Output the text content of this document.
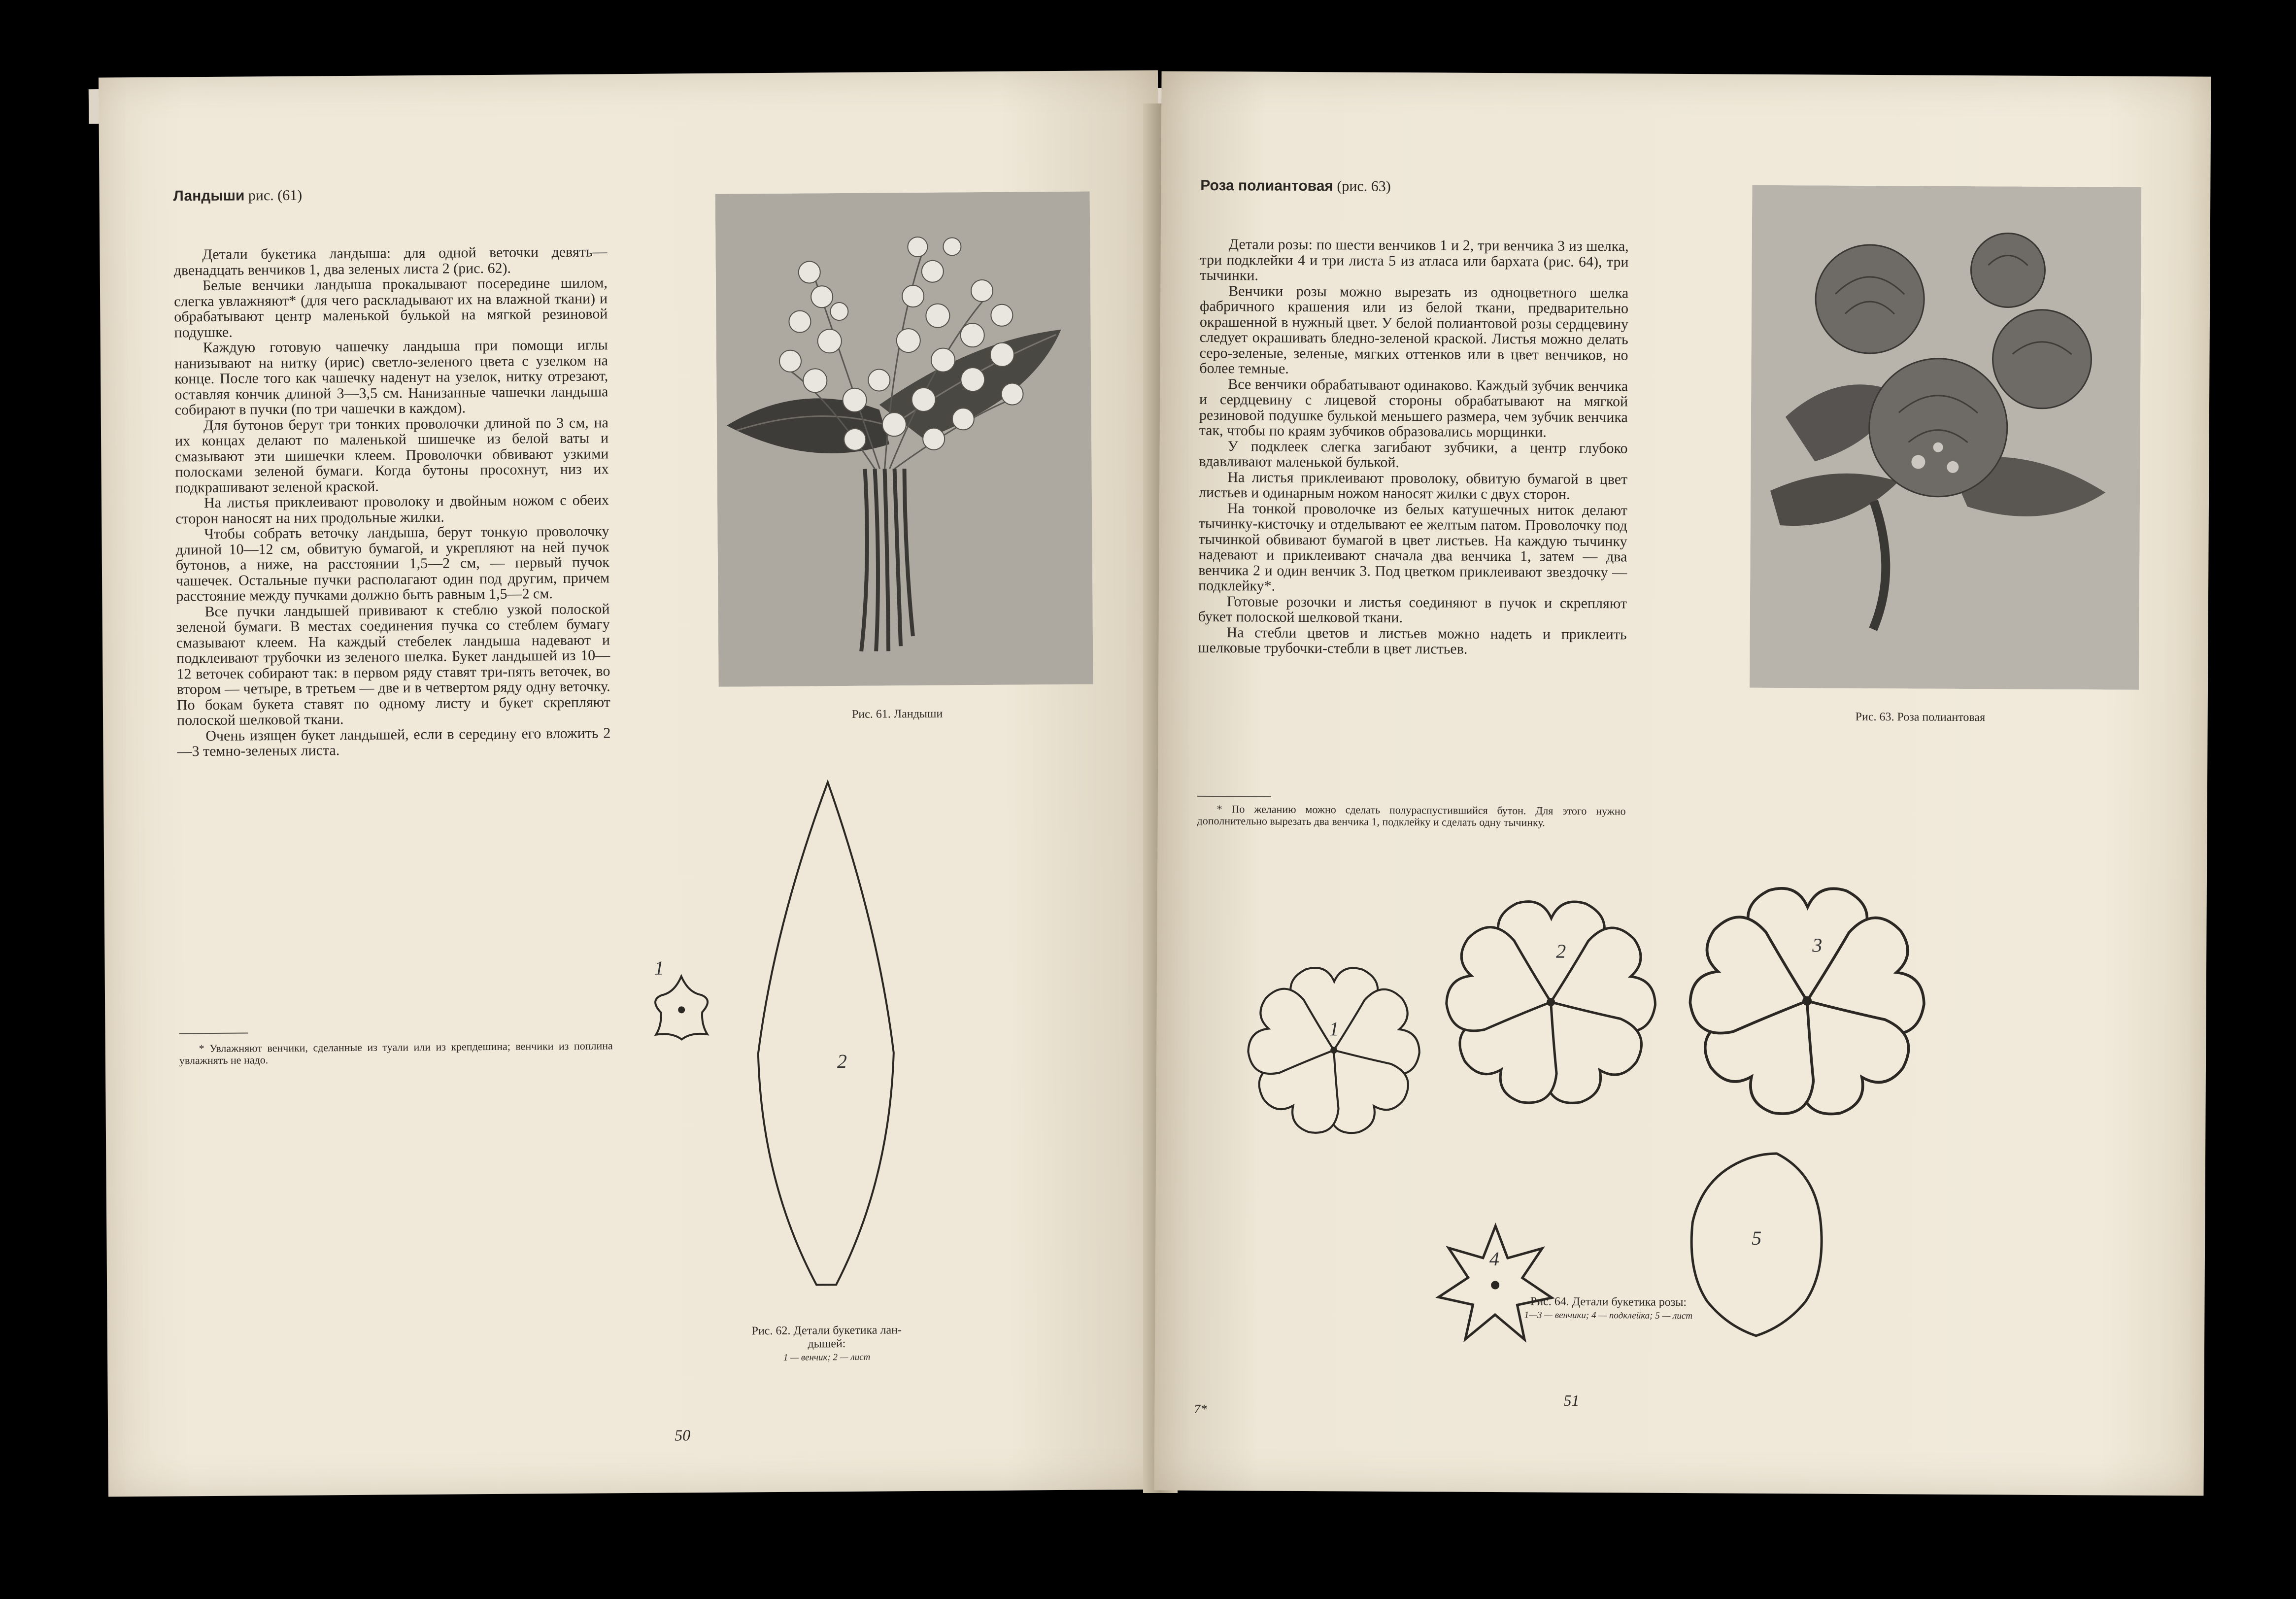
Ландыши рис. (61)

Детали букетика ландыша: для одной веточки девять—двенадцать венчиков 1, два зеленых листа 2 (рис. 62).

Белые венчики ландыша прокалывают посередине шилом, слегка увлажняют* (для чего раскладывают их на влажной ткани) и обрабатывают центр маленькой булькой на мягкой резиновой подушке.

Каждую готовую чашечку ландыша при помощи иглы нанизывают на нитку (ирис) светло-зеленого цвета с узелком на конце. После того как чашечку наденут на узелок, нитку отрезают, оставляя кончик длиной 3—3,5 см. Нанизанные чашечки ландыша собирают в пучки (по три чашечки в каждом).

Для бутонов берут три тонких проволочки длиной по 3 см, на их концах делают по маленькой шишечке из белой ваты и смазывают эти шишечки клеем. Проволочки обвивают узкими полосками зеленой бумаги. Когда бутоны просохнут, низ их подкрашивают зеленой краской.

На листья приклеивают проволоку и двойным ножом с обеих сторон наносят на них продольные жилки.

Чтобы собрать веточку ландыша, берут тонкую проволочку длиной 10—12 см, обвитую бумагой, и укрепляют на ней пучок бутонов, а ниже, на расстоянии 1,5—2 см, — первый пучок чашечек. Остальные пучки располагают один под другим, причем расстояние между пучками должно быть равным 1,5—2 см.

Все пучки ландышей прививают к стеблю узкой полоской зеленой бумаги. В местах соединения пучка со стеблем бумагу смазывают клеем. На каждый стебелек ландыша надевают и подклеивают трубочки из зеленого шелка. Букет ландышей из 10—12 веточек собирают так: в первом ряду ставят три-пять веточек, во втором — четыре, в третьем — две и в четвертом ряду одну веточку. По бокам букета ставят по одному листу и букет скрепляют полоской шелковой ткани.

Очень изящен букет ландышей, если в середину его вложить 2—3 темно-зеленых листа.

* Увлажняют венчики, сделанные из туали или из крепдешина; венчики из поплина увлажнять не надо.

Рис. 61. Ландыши
2
1
Рис. 62. Детали букетика лан-
дышей:
1 — венчик; 2 — лист
50
Роза полиантовая (рис. 63)

Детали розы: по шести венчиков 1 и 2, три венчика 3 из шелка, три подклейки 4 и три листа 5 из атласа или бархата (рис. 64), три тычинки.

Венчики розы можно вырезать из одноцветного шелка фабричного крашения или из белой ткани, предварительно окрашенной в нужный цвет. У белой полиантовой розы сердцевину следует окрашивать бледно-зеленой краской. Листья можно делать серо-зеленые, зеленые, мягких оттенков или в цвет венчиков, но более темные.

Все венчики обрабатывают одинаково. Каждый зубчик венчика и сердцевину с лицевой стороны обрабатывают на мягкой резиновой подушке булькой меньшего размера, чем зубчик венчика так, чтобы по краям зубчиков образовались морщинки.

У подклеек слегка загибают зубчики, а центр глубоко вдавливают маленькой булькой.

На листья приклеивают проволоку, обвитую бумагой в цвет листьев и одинарным ножом наносят жилки с двух сторон.

На тонкой проволочке из белых катушечных ниток делают тычинку-кисточку и отделывают ее желтым патом. Проволочку под тычинкой обвивают бумагой в цвет листьев. На каждую тычинку надевают и приклеивают сначала два венчика 1, затем — два венчика 2 и один венчик 3. Под цветком приклеивают звездочку — подклейку*.

Готовые розочки и листья соединяют в пучок и скрепляют букет полоской шелковой ткани.

На стебли цветов и листьев можно надеть и приклеить шелковые трубочки-стебли в цвет листьев.

* По желанию можно сделать полураспустившийся бутон. Для этого нужно дополнительно вырезать два венчика 1, подклейку и сделать одну тычинку.

Рис. 63. Роза полиантовая
1
2	3
4
5
Рис. 64. Детали букетика розы:
1—3 — венчики; 4 — подклейка; 5 — лист
7*	51
